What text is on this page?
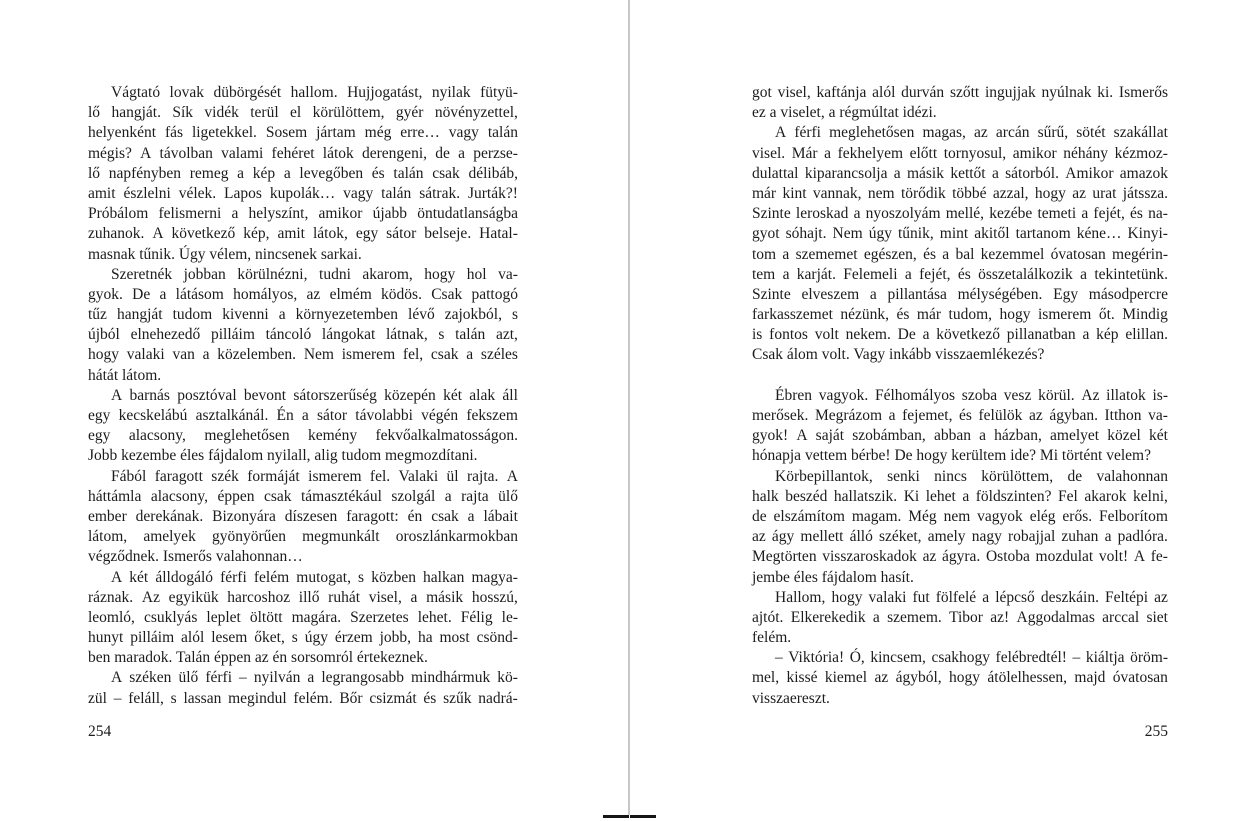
Vágtató lovak dübörgését hallom. Hujjogatást, nyilak fütyü-
lő hangját. Sík vidék terül el körülöttem, gyér növényzettel,
helyenként fás ligetekkel. Sosem jártam még erre… vagy talán
mégis? A távolban valami fehéret látok derengeni, de a perzse-
lő napfényben remeg a kép a levegőben és talán csak délibáb,
amit észlelni vélek. Lapos kupolák… vagy talán sátrak. Jurták?!
Próbálom felismerni a helyszínt, amikor újabb öntudatlanságba
zuhanok. A következő kép, amit látok, egy sátor belseje. Hatal-
masnak tűnik. Úgy vélem, nincsenek sarkai.
Szeretnék jobban körülnézni, tudni akarom, hogy hol va-
gyok. De a látásom homályos, az elmém ködös. Csak pattogó
tűz hangját tudom kivenni a környezetemben lévő zajokból, s
újból elnehezedő pilláim táncoló lángokat látnak, s talán azt,
hogy valaki van a közelemben. Nem ismerem fel, csak a széles
hátát látom.
A barnás posztóval bevont sátorszerűség közepén két alak áll
egy kecskelábú asztalkánál. Én a sátor távolabbi végén fekszem
egy alacsony, meglehetősen kemény fekvőalkalmatosságon.
Jobb kezembe éles fájdalom nyilall, alig tudom megmozdítani.
Fából faragott szék formáját ismerem fel. Valaki ül rajta. A
háttámla alacsony, éppen csak támasztékául szolgál a rajta ülő
ember derekának. Bizonyára díszesen faragott: én csak a lábait
látom, amelyek gyönyörűen megmunkált oroszlánkarmokban
végződnek. Ismerős valahonnan…
A két álldogáló férfi felém mutogat, s közben halkan magya-
ráznak. Az egyikük harcoshoz illő ruhát visel, a másik hosszú,
leomló, csuklyás leplet öltött magára. Szerzetes lehet. Félig le-
hunyt pilláim alól lesem őket, s úgy érzem jobb, ha most csönd-
ben maradok. Talán éppen az én sorsomról értekeznek.
A széken ülő férfi – nyilván a legrangosabb mindhármuk kö-
zül – feláll, s lassan megindul felém. Bőr csizmát és szűk nadrá-
254
got visel, kaftánja alól durván szőtt ingujjak nyúlnak ki. Ismerős
ez a viselet, a régmúltat idézi.
A férfi meglehetősen magas, az arcán sűrű, sötét szakállat
visel. Már a fekhelyem előtt tornyosul, amikor néhány kézmoz-
dulattal kiparancsolja a másik kettőt a sátorból. Amikor amazok
már kint vannak, nem törődik többé azzal, hogy az urat játssza.
Szinte leroskad a nyoszolyám mellé, kezébe temeti a fejét, és na-
gyot sóhajt. Nem úgy tűnik, mint akitől tartanom kéne… Kinyi-
tom a szememet egészen, és a bal kezemmel óvatosan megérin-
tem a karját. Felemeli a fejét, és összetalálkozik a tekintetünk.
Szinte elveszem a pillantása mélységében. Egy másodpercre
farkasszemet nézünk, és már tudom, hogy ismerem őt. Mindig
is fontos volt nekem. De a következő pillanatban a kép elillan.
Csak álom volt. Vagy inkább visszaemlékezés?
Ébren vagyok. Félhomályos szoba vesz körül. Az illatok is-
merősek. Megrázom a fejemet, és felülök az ágyban. Itthon va-
gyok! A saját szobámban, abban a házban, amelyet közel két
hónapja vettem bérbe! De hogy kerültem ide? Mi történt velem?
Körbepillantok, senki nincs körülöttem, de valahonnan
halk beszéd hallatszik. Ki lehet a földszinten? Fel akarok kelni,
de elszámítom magam. Még nem vagyok elég erős. Felborítom
az ágy mellett álló széket, amely nagy robajjal zuhan a padlóra.
Megtörten visszaroskadok az ágyra. Ostoba mozdulat volt! A fe-
jembe éles fájdalom hasít.
Hallom, hogy valaki fut fölfelé a lépcső deszkáin. Feltépi az
ajtót. Elkerekedik a szemem. Tibor az! Aggodalmas arccal siet
felém.
– Viktória! Ó, kincsem, csakhogy felébredtél! – kiáltja öröm-
mel, kissé kiemel az ágyból, hogy átölelhessen, majd óvatosan
visszaereszt.
255
